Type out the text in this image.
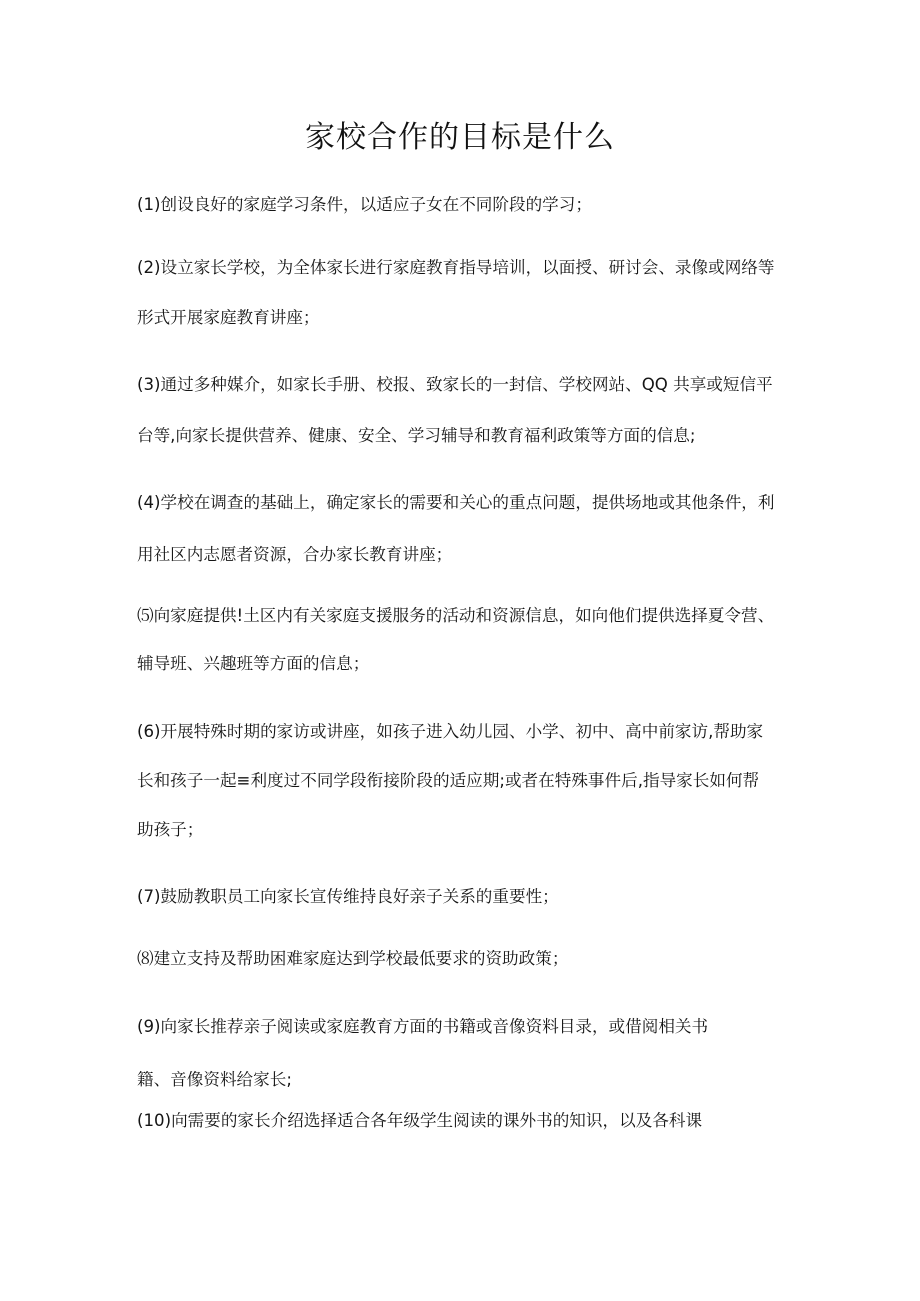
家校合作的目标是什么
(1)创设良好的家庭学习条件，以适应子女在不同阶段的学习；
(2)设立家长学校，为全体家长进行家庭教育指导培训，以面授、研讨会、录像或网络等
形式开展家庭教育讲座；
(3)通过多种媒介，如家长手册、校报、致家长的一封信、学校网站、QQ 共享或短信平
台等,向家长提供营养、健康、安全、学习辅导和教育福利政策等方面的信息;
(4)学校在调查的基础上，确定家长的需要和关心的重点问题，提供场地或其他条件，利
用社区内志愿者资源，合办家长教育讲座；
⑸向家庭提供!土区内有关家庭支援服务的活动和资源信息，如向他们提供选择夏令营、
辅导班、兴趣班等方面的信息；
(6)开展特殊时期的家访或讲座，如孩子进入幼儿园、小学、初中、高中前家访,帮助家
长和孩子一起≡利度过不同学段衔接阶段的适应期;或者在特殊事件后,指导家长如何帮
助孩子；
(7)鼓励教职员工向家长宣传维持良好亲子关系的重要性；
⑻建立支持及帮助困难家庭达到学校最低要求的资助政策；
(9)向家长推荐亲子阅读或家庭教育方面的书籍或音像资料目录，或借阅相关书
籍、音像资料给家长;
(10)向需要的家长介绍选择适合各年级学生阅读的课外书的知识，以及各科课
